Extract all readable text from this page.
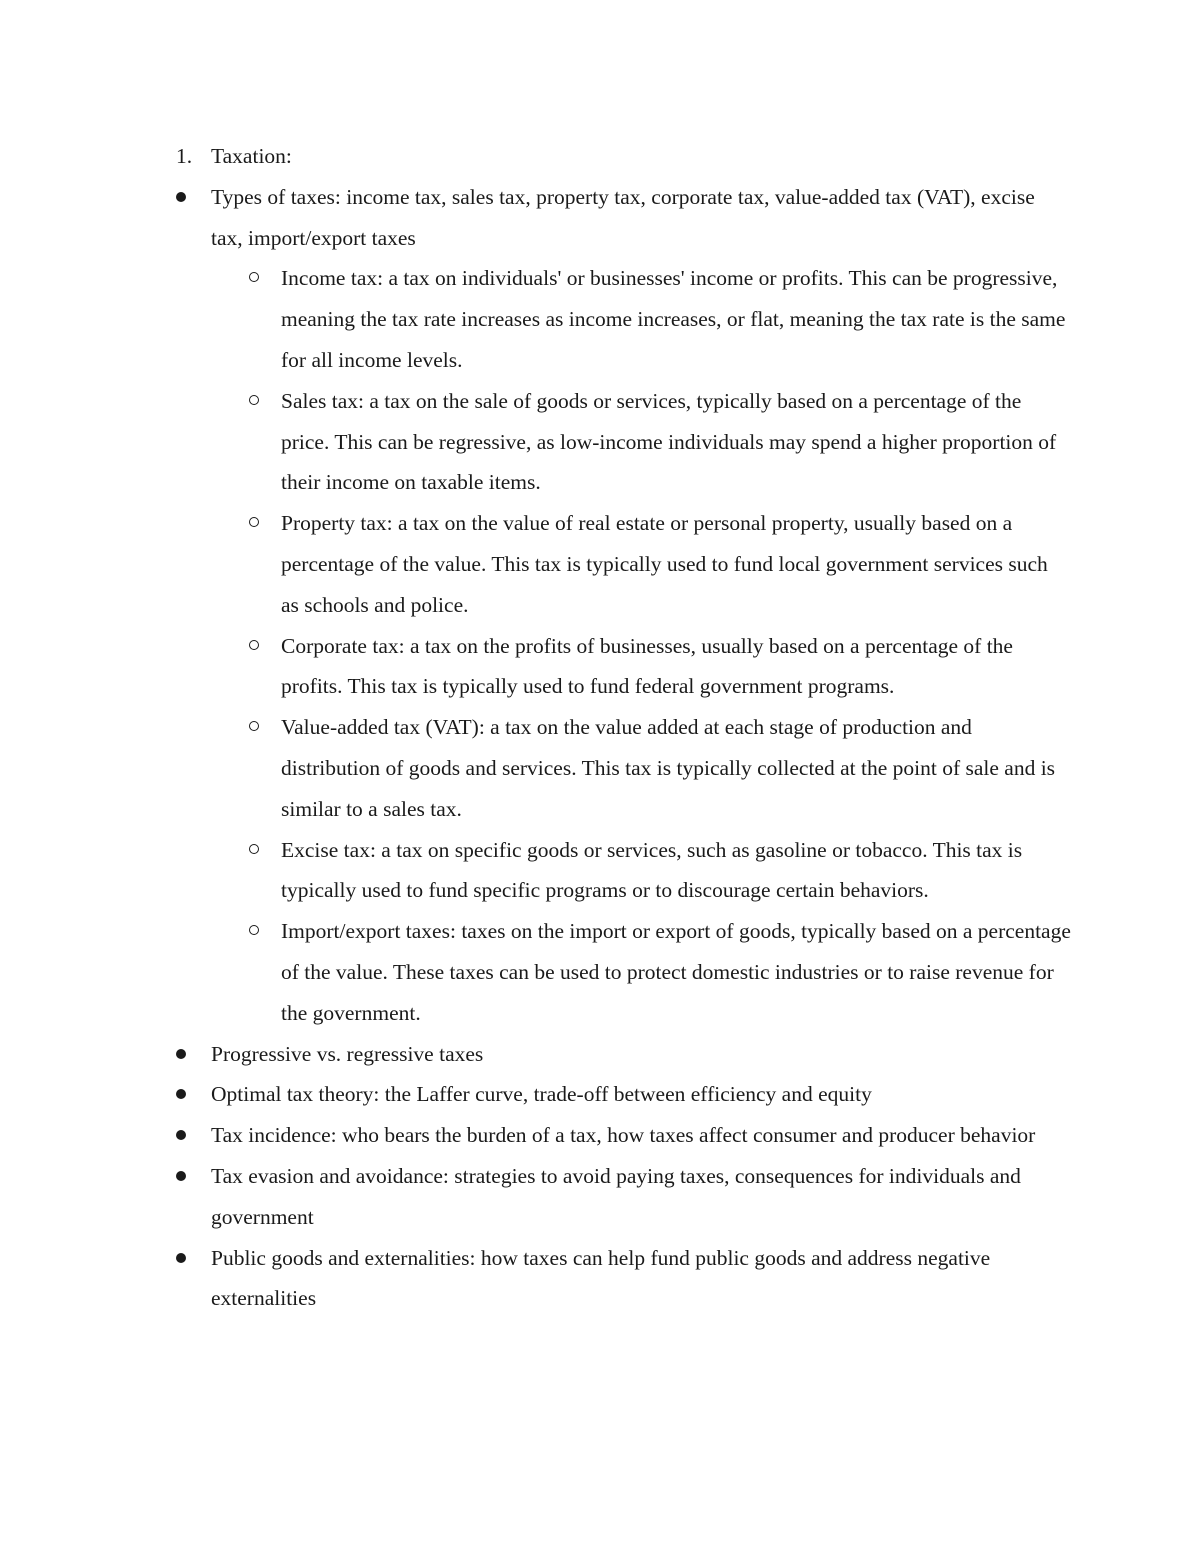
1. Taxation:
Types of taxes: income tax, sales tax, property tax, corporate tax, value-added tax (VAT), excise tax, import/export taxes
Income tax: a tax on individuals' or businesses' income or profits. This can be progressive, meaning the tax rate increases as income increases, or flat, meaning the tax rate is the same for all income levels.
Sales tax: a tax on the sale of goods or services, typically based on a percentage of the price. This can be regressive, as low-income individuals may spend a higher proportion of their income on taxable items.
Property tax: a tax on the value of real estate or personal property, usually based on a percentage of the value. This tax is typically used to fund local government services such as schools and police.
Corporate tax: a tax on the profits of businesses, usually based on a percentage of the profits. This tax is typically used to fund federal government programs.
Value-added tax (VAT): a tax on the value added at each stage of production and distribution of goods and services. This tax is typically collected at the point of sale and is similar to a sales tax.
Excise tax: a tax on specific goods or services, such as gasoline or tobacco. This tax is typically used to fund specific programs or to discourage certain behaviors.
Import/export taxes: taxes on the import or export of goods, typically based on a percentage of the value. These taxes can be used to protect domestic industries or to raise revenue for the government.
Progressive vs. regressive taxes
Optimal tax theory: the Laffer curve, trade-off between efficiency and equity
Tax incidence: who bears the burden of a tax, how taxes affect consumer and producer behavior
Tax evasion and avoidance: strategies to avoid paying taxes, consequences for individuals and government
Public goods and externalities: how taxes can help fund public goods and address negative externalities
